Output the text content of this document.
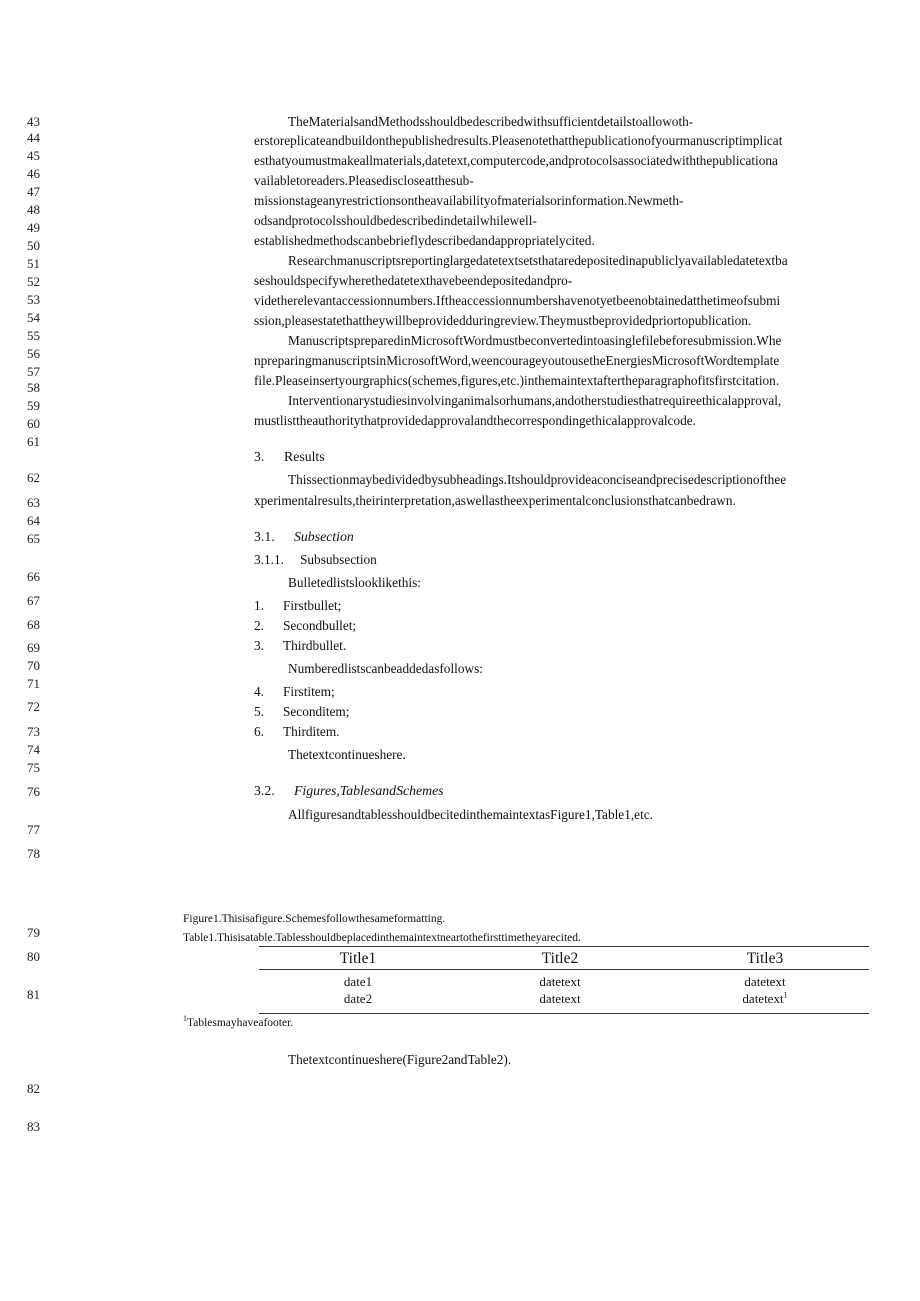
43
44
45
46
47
48
49
50
51
52
53
54
55
56
57
58
59
60
61
62
63
64
65
66
67
68
69
70
71
72
73
74
75
76
77
78
79
80
81
82
83
TheMaterialsandMethodsshouldbedescribedwithsufficientdetailstoallowoth-
erstoreplicateandbuildonthepublishedresults.Pleasenotethatthepublicationofyourmanuscriptimplicat
esthatyoumustmakeallmaterials,datetext,computercode,andprotocolsassociatedwiththepublicationa
vailabletoreaders.Pleasediscloseatthesub-
missionstageanyrestrictionsontheavailabilityofmaterialsorinformation.Newmeth-
odsandprotocolsshouldbedescribedindetailwhilewell-
establishedmethodscanbebrieflydescribedandappropriatelycited.
Researchmanuscriptsreportinglargedatetextsetsthataredepositedinapubliclyavailabledatetextba
seshouldspecifywherethedatetexthavebeendepositedandpro-
videtherelevantaccessionnumbers.Iftheaccessionnumbershavenotyetbeenobtainedatthetimeofsubmi
ssion,pleasestatethattheywillbeprovidedduringreview.Theymustbeprovidedpriortopublication.
ManuscriptspreparedinMicrosoftWordmustbeconvertedintoasinglefilebeforesubmission.Whe
npreparingmanuscriptsinMicrosoftWord,weencourageyoutousetheEnergiesMicrosoftWordtemplate
file.Pleaseinsertyourgraphics(schemes,figures,etc.)inthemaintextaftertheparagraphofitsfirstcitation.
Interventionarystudiesinvolvinganimalsorhumans,andotherstudiesthatrequireethicalapproval,
mustlisttheauthoritythatprovidedapprovalandthecorrespondingethicalapprovalcode.
3. Results
Thissectionmaybedividedbysubheadings.Itshouldprovideaconciseandprecisedescriptionofthee
xperimentalresults,theirinterpretation,aswellastheexperimentalconclusionsthatcanbedrawn.
3.1. Subsection
3.1.1. Subsubsection
Bulletedlistslooklikethis:
1. Firstbullet;
2. Secondbullet;
3. Thirdbullet.
Numberedlistscanbeaddedasfollows:
4. Firstitem;
5. Seconditem;
6. Thirditem.
Thetextcontinueshere.
3.2. Figures,TablesandSchemes
AllfiguresandtablesshouldbecitedinthemaintextasFigure1,Table1,etc.
Figure1.Thisisafigure.Schemesfollowthesameformatting.
Table1.Thisisatable.Tablesshouldbeplacedinthemaintextneartothefirsttimetheyarecited.
Title1	Title2	Title3
date1	datetext	datetext
date2	datetext	datetext$^1$
$^1$Tablesmayhaveafooter.
Thetextcontinueshere(Figure2andTable2).
